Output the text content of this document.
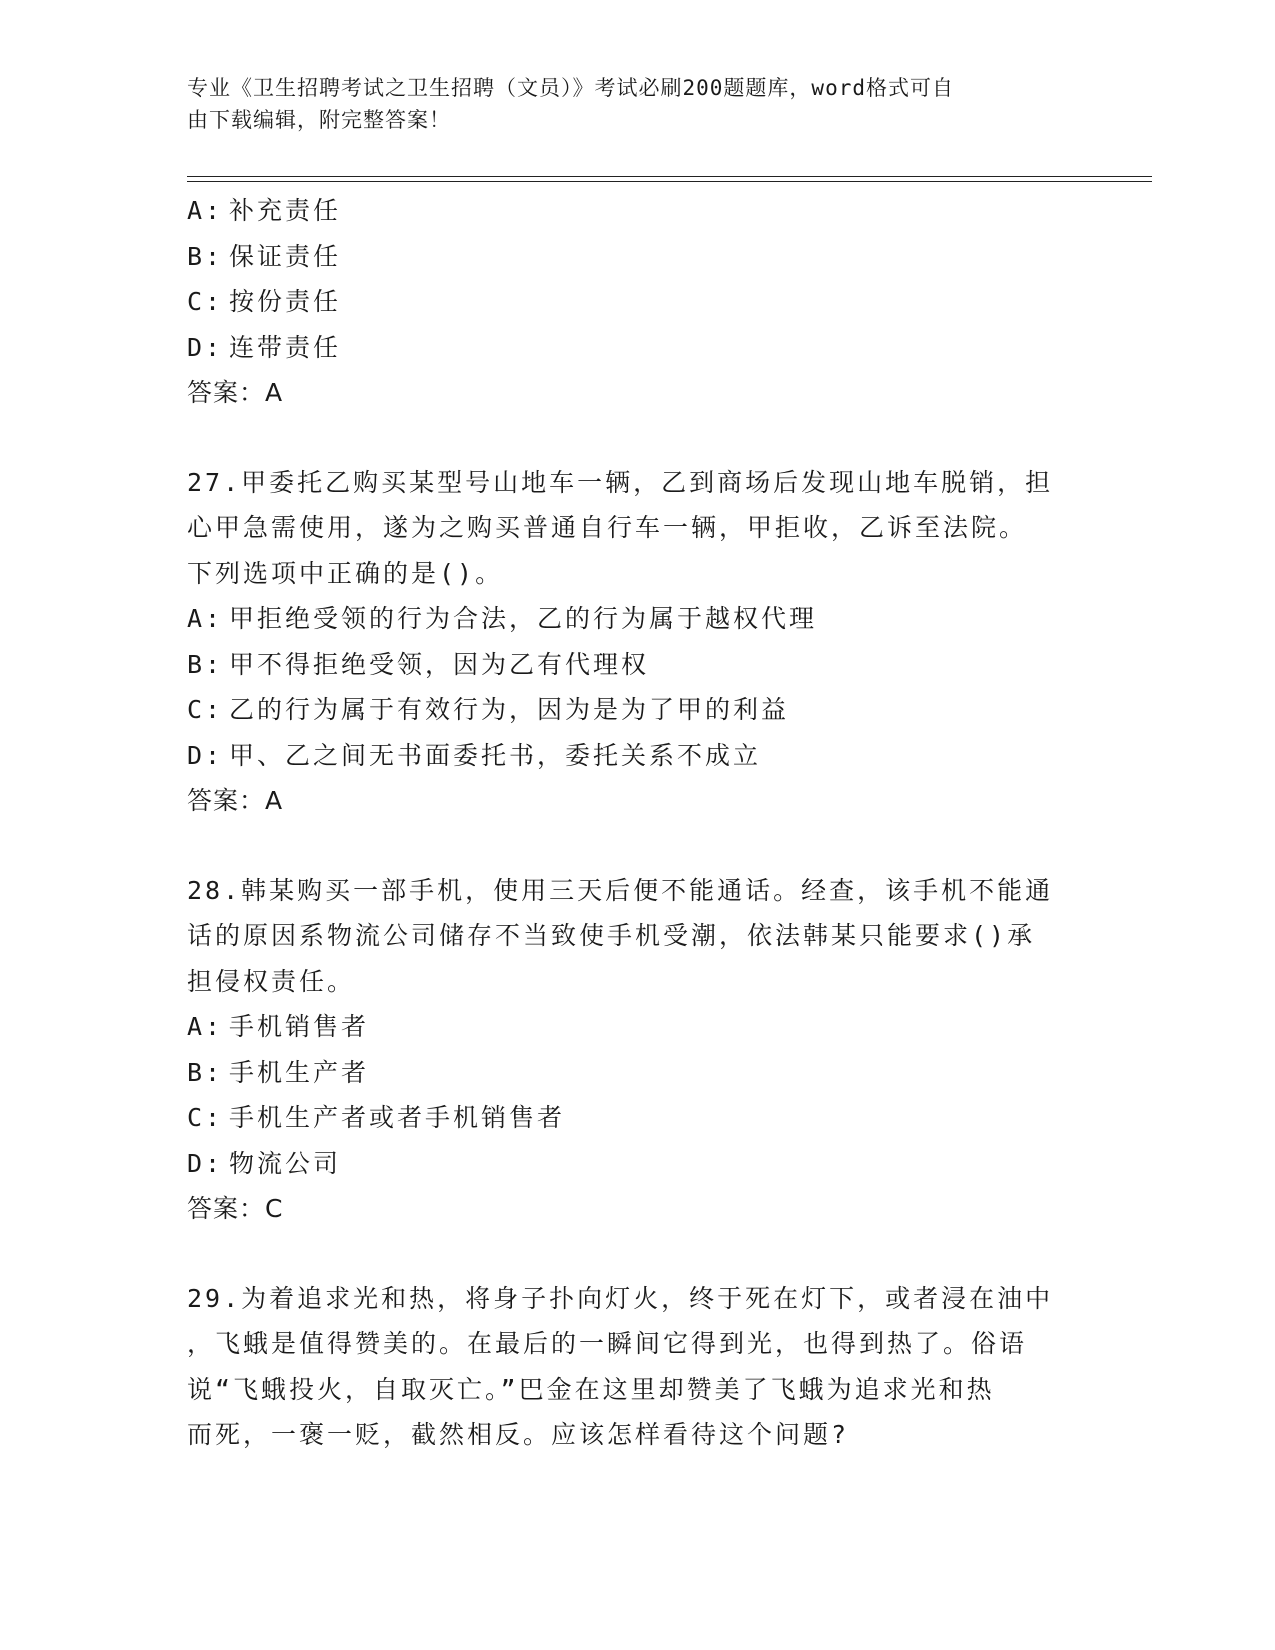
专业《卫生招聘考试之卫生招聘（文员）》考试必刷200题题库，word格式可自
由下载编辑，附完整答案！
A: 补充责任
B: 保证责任
C: 按份责任
D: 连带责任
答案：A
27.甲委托乙购买某型号山地车一辆，乙到商场后发现山地车脱销，担
心甲急需使用，遂为之购买普通自行车一辆，甲拒收，乙诉至法院。
下列选项中正确的是()。
A: 甲拒绝受领的行为合法，乙的行为属于越权代理
B: 甲不得拒绝受领，因为乙有代理权
C: 乙的行为属于有效行为，因为是为了甲的利益
D: 甲、乙之间无书面委托书，委托关系不成立
答案：A
28.韩某购买一部手机，使用三天后便不能通话。经查，该手机不能通
话的原因系物流公司储存不当致使手机受潮，依法韩某只能要求()承
担侵权责任。
A: 手机销售者
B: 手机生产者
C: 手机生产者或者手机销售者
D: 物流公司
答案：C
29.为着追求光和热，将身子扑向灯火，终于死在灯下，或者浸在油中
，飞蛾是值得赞美的。在最后的一瞬间它得到光，也得到热了。俗语
说“飞蛾投火，自取灭亡。”巴金在这里却赞美了飞蛾为追求光和热
而死，一褒一贬，截然相反。应该怎样看待这个问题?
